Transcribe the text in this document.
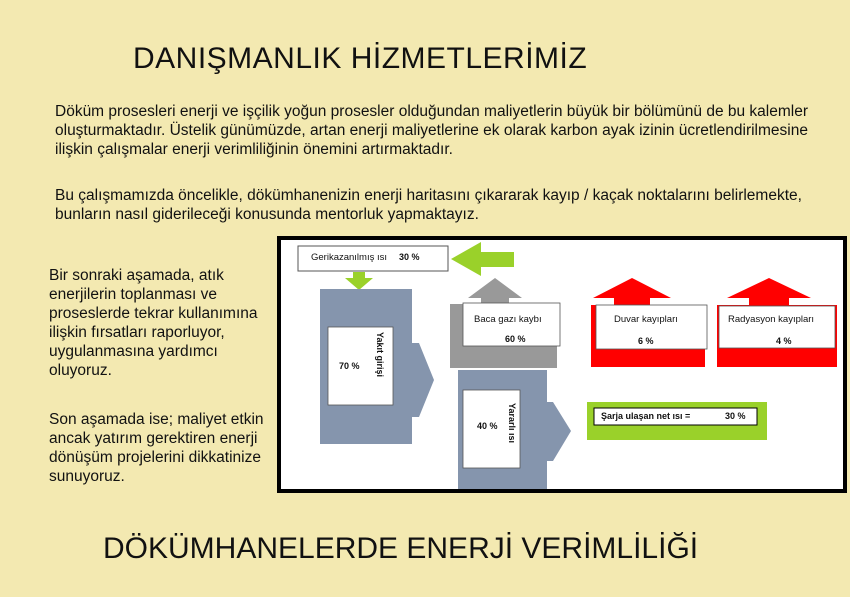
DANIŞMANLIK HİZMETLERİMİZ
Döküm prosesleri enerji ve işçilik yoğun prosesler olduğundan maliyetlerin büyük bir bölümünü de bu kalemler oluşturmaktadır. Üstelik günümüzde, artan enerji maliyetlerine ek olarak karbon ayak izinin ücretlendirilmesine ilişkin çalışmalar enerji verimliliğinin önemini artırmaktadır.
Bu çalışmamızda öncelikle, dökümhanenizin enerji haritasını çıkararak kayıp / kaçak noktalarını belirlemekte, bunların nasıl giderileceği konusunda mentorluk yapmaktayız.
Bir sonraki aşamada, atık enerjilerin toplanması ve proseslerde tekrar kullanımına ilişkin fırsatları raporluyor, uygulanmasına yardımcı oluyoruz.
Son aşamada ise; maliyet etkin ancak yatırım gerektiren enerji dönüşüm projelerini dikkatinize sunuyoruz.
Gerikazanılmış ısı 30 %
70 % Yakıt girişi
40 % Yararlı ısı
Baca gazı kaybı
60 %
Duvar kayıpları
6 %
Radyasyon kayıpları
4 %
Şarja ulaşan net ısı =	30 %
DÖKÜMHANELERDE ENERJİ VERİMLİLİĞİ
